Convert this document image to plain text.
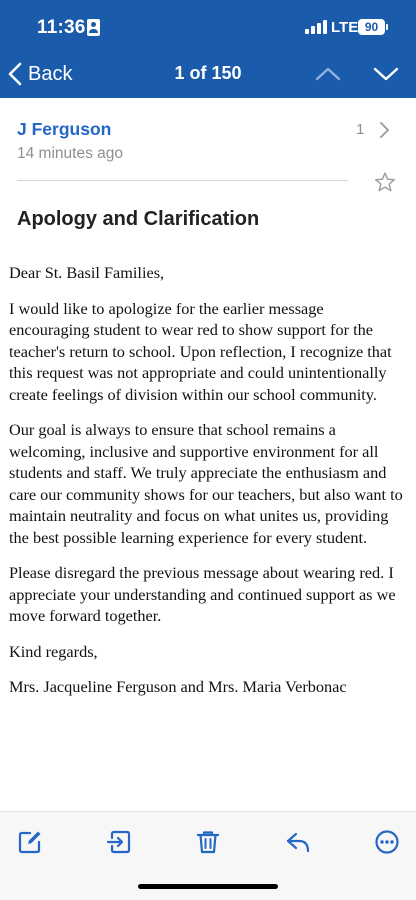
11:36	LTE 90
Back	1 of 150
J Ferguson
14 minutes ago
1
Apology and Clarification

Dear St. Basil Families,

I would like to apologize for the earlier message encouraging student to wear red to show support for the teacher's return to school. Upon reflection, I recognize that this request was not appropriate and could unintentionally create feelings of division within our school community.

Our goal is always to ensure that school remains a welcoming, inclusive and supportive environment for all students and staff. We truly appreciate the enthusiasm and care our community shows for our teachers, but also want to maintain neutrality and focus on what unites us, providing the best possible learning experience for every student.

Please disregard the previous message about wearing red. I appreciate your understanding and continued support as we move forward together.

Kind regards,

Mrs. Jacqueline Ferguson and Mrs. Maria Verbonac
